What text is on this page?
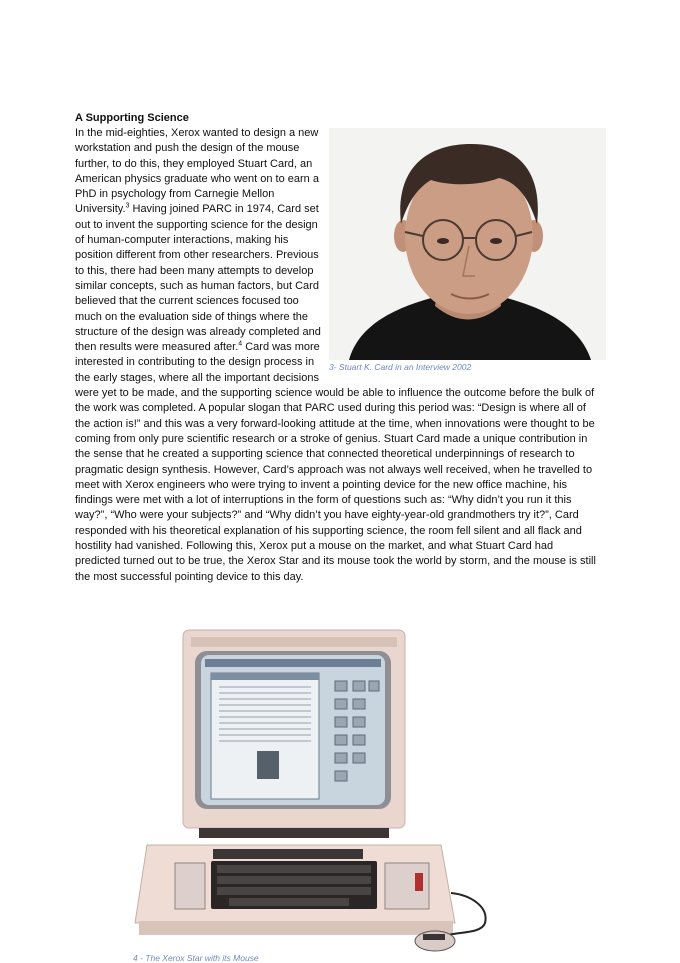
A Supporting Science

In the mid-eighties, Xerox wanted to design a new workstation and push the design of the mouse further, to do this, they employed Stuart Card, an American physics graduate who went on to earn a PhD in psychology from Carnegie Mellon University.$^3$ Having joined PARC in 1974, Card set out to invent the supporting science for the design of human-computer interactions, making his position different from other researchers. Previous to this, there had been many attempts to develop similar concepts, such as human factors, but Card believed that the current sciences focused too much on the evaluation side of things where the structure of the design was already completed and then results were measured after.$^4$ Card was more interested in contributing to the design process in the early stages, where all the important decisions were yet to be made, and the supporting science would be able to influence the outcome before the bulk of the work was completed. A popular slogan that PARC used during this period was: “Design is where all of the action is!” and this was a very forward-looking attitude at the time, when innovations were thought to be coming from only pure scientific research or a stroke of genius. Stuart Card made a unique contribution in the sense that he created a supporting science that connected theoretical underpinnings of research to pragmatic design synthesis. However, Card’s approach was not always well received, when he travelled to meet with Xerox engineers who were trying to invent a pointing device for the new office machine, his findings were met with a lot of interruptions in the form of questions such as: “Why didn’t you run it this way?”, “Who were your subjects?” and “Why didn’t you have eighty-year-old grandmothers try it?”, Card responded with his theoretical explanation of his supporting science, the room fell silent and all flack and hostility had vanished. Following this, Xerox put a mouse on the market, and what Stuart Card had predicted turned out to be true, the Xerox Star and its mouse took the world by storm, and the mouse is still the most successful pointing device to this day.

3- Stuart K. Card in an Interview 2002
4 - The Xerox Star with its Mouse
